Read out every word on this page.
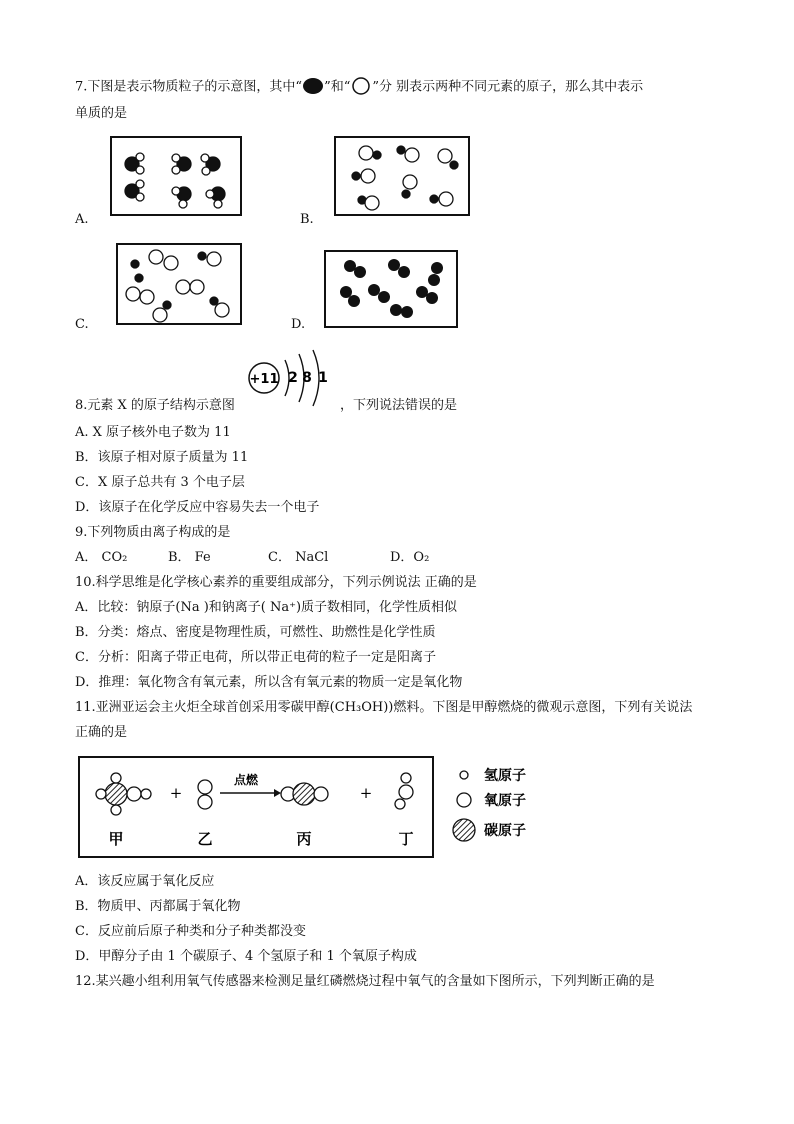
7.下图是表示物质粒子的示意图，其中“ ”和“ ”分 别表示两种不同元素的原子，那么其中表示
单质的是
A.	B.
C.	D.
+11 2 8 1
8.元素 X 的原子结构示意图	，下列说法错误的是
A. X 原子核外电子数为 11
B．该原子相对原子质量为 11
C．X 原子总共有 3 个电子层
D．该原子在化学反应中容易失去一个电子
9.下列物质由离子构成的是
A． CO₂	B． Fe	C． NaCl	D．O₂
10.科学思维是化学核心素养的重要组成部分，下列示例说法 正确的是
A．比较：钠原子(Na )和钠离子( Na⁺)质子数相同，化学性质相似
B．分类：熔点、密度是物理性质，可燃性、助燃性是化学性质
C．分析：阳离子带正电荷，所以带正电荷的粒子一定是阳离子
D．推理：氧化物含有氧元素，所以含有氧元素的物质一定是氧化物
11.亚洲亚运会主火炬全球首创采用零碳甲醇(CH₃OH))燃料。下图是甲醇燃烧的微观示意图，下列有关说法
正确的是
+
点燃
+
甲	乙	丙	丁
氢原子
氧原子
碳原子
A．该反应属于氧化反应
B．物质甲、丙都属于氧化物
C．反应前后原子种类和分子种类都没变
D．甲醇分子由 1 个碳原子、4 个氢原子和 1 个氧原子构成
12.某兴趣小组利用氧气传感器来检测足量红磷燃烧过程中氧气的含量如下图所示，下列判断正确的是
